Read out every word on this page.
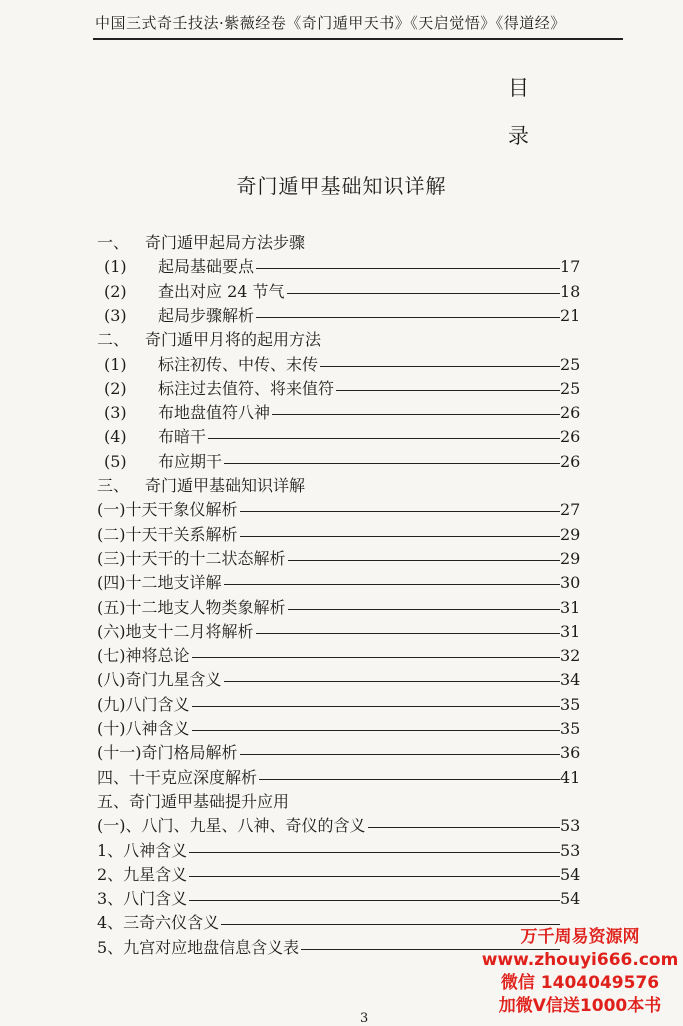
中国三式奇壬技法·紫薇经卷《奇门遁甲天书》《天启觉悟》《得道经》
目
录
奇门遁甲基础知识详解
一、 奇门遁甲起局方法步骤
(1) 起局基础要点	17
(2) 查出对应 24 节气	18
(3) 起局步骤解析	21
二、 奇门遁甲月将的起用方法
(1) 标注初传、中传、末传	25
(2) 标注过去值符、将来值符	25
(3) 布地盘值符八神	26
(4) 布暗干	26
(5) 布应期干	26
三、 奇门遁甲基础知识详解
(一)十天干象仪解析	27
(二)十天干关系解析	29
(三)十天干的十二状态解析	29
(四)十二地支详解	30
(五)十二地支人物类象解析	31
(六)地支十二月将解析	31
(七)神将总论	32
(八)奇门九星含义	34
(九)八门含义	35
(十)八神含义	35
(十一)奇门格局解析	36
四、十干克应深度解析	41
五、奇门遁甲基础提升应用
(一)、八门、九星、八神、奇仪的含义	53
1、八神含义	53
2、九星含义	54
3、八门含义	54
4、三奇六仪含义
5、九宫对应地盘信息含义表
3
万千周易资源网
www.zhouyi666.com
微信 1404049576
加微V信送1000本书
